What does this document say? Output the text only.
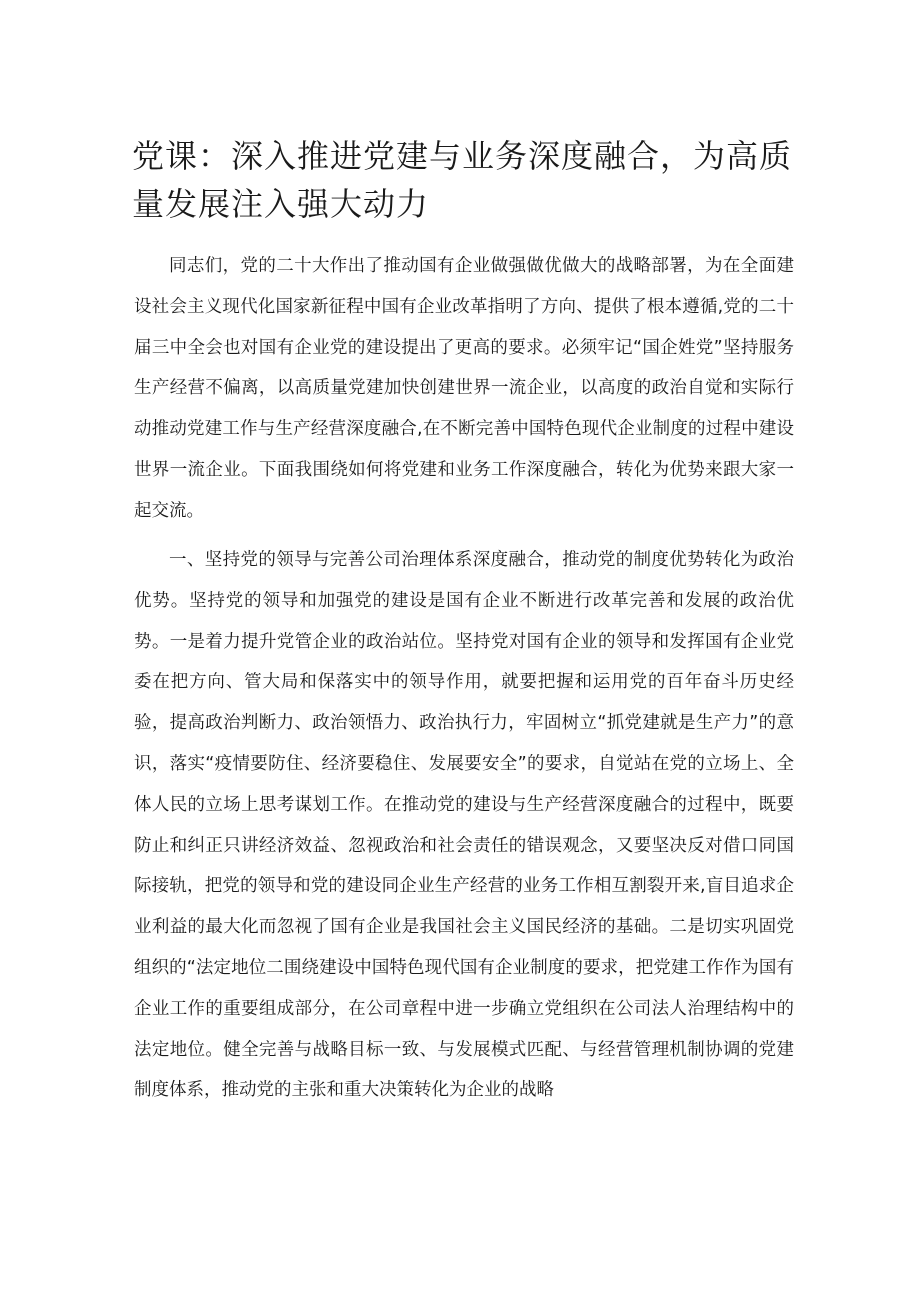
党课：深入推进党建与业务深度融合，为高质量发展注入强大动力

同志们，党的二十大作出了推动国有企业做强做优做大的战略部署，为在全面建设社会主义现代化国家新征程中国有企业改革指明了方向、提供了根本遵循,党的二十届三中全会也对国有企业党的建设提出了更高的要求。必须牢记“国企姓党”坚持服务生产经营不偏离，以高质量党建加快创建世界一流企业，以高度的政治自觉和实际行动推动党建工作与生产经营深度融合,在不断完善中国特色现代企业制度的过程中建设世界一流企业。下面我围绕如何将党建和业务工作深度融合，转化为优势来跟大家一起交流。

一、坚持党的领导与完善公司治理体系深度融合，推动党的制度优势转化为政治优势。坚持党的领导和加强党的建设是国有企业不断进行改革完善和发展的政治优势。一是着力提升党管企业的政治站位。坚持党对国有企业的领导和发挥国有企业党委在把方向、管大局和保落实中的领导作用，就要把握和运用党的百年奋斗历史经验，提高政治判断力、政治领悟力、政治执行力，牢固树立“抓党建就是生产力”的意识，落实“疫情要防住、经济要稳住、发展要安全”的要求，自觉站在党的立场上、全体人民的立场上思考谋划工作。在推动党的建设与生产经营深度融合的过程中，既要防止和纠正只讲经济效益、忽视政治和社会责任的错误观念，又要坚决反对借口同国际接轨，把党的领导和党的建设同企业生产经营的业务工作相互割裂开来,盲目追求企业利益的最大化而忽视了国有企业是我国社会主义国民经济的基础。二是切实巩固党组织的“法定地位二围绕建设中国特色现代国有企业制度的要求，把党建工作作为国有企业工作的重要组成部分，在公司章程中进一步确立党组织在公司法人治理结构中的法定地位。健全完善与战略目标一致、与发展模式匹配、与经营管理机制协调的党建制度体系，推动党的主张和重大决策转化为企业的战略
